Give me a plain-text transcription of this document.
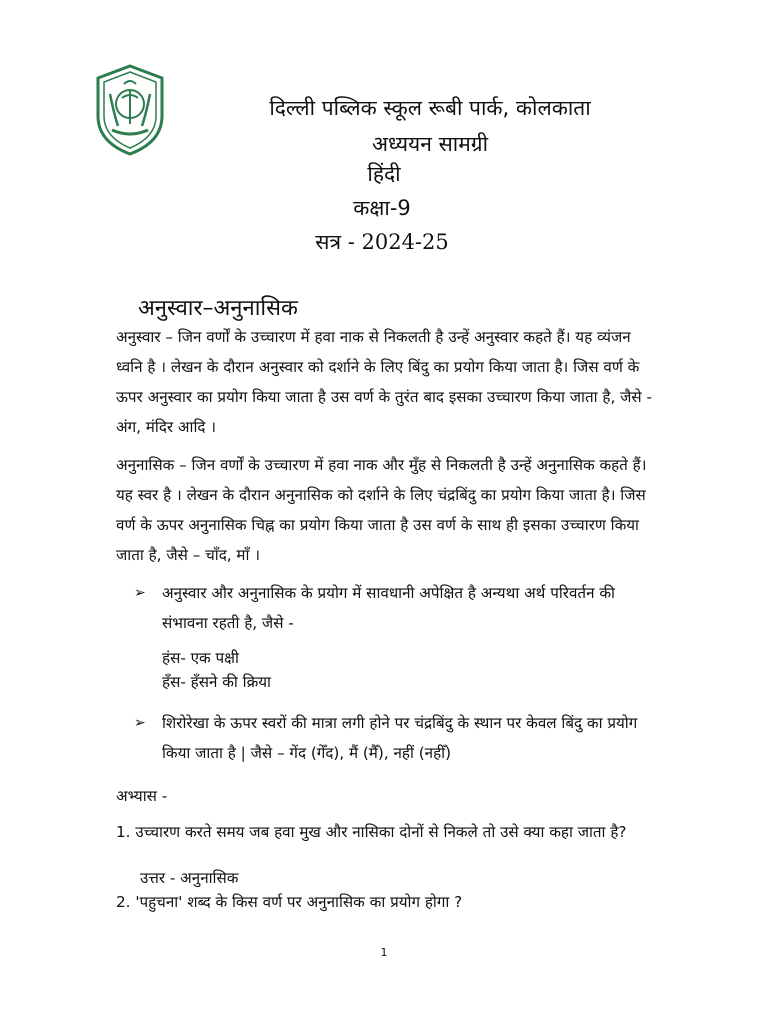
दिल्ली पब्लिक स्कूल रूबी पार्क, कोलकाता
अध्ययन सामग्री
हिंदी
कक्षा-9
सत्र - 2024-25
अनुस्वार–अनुनासिक
अनुस्वार – जिन वर्णों के उच्चारण में हवा नाक से निकलती है उन्हें अनुस्वार कहते हैं। यह व्यंजन ध्वनि है । लेखन के दौरान अनुस्वार को दर्शाने के लिए बिंदु का प्रयोग किया जाता है। जिस वर्ण के ऊपर अनुस्वार का प्रयोग किया जाता है उस वर्ण के तुरंत बाद इसका उच्चारण किया जाता है, जैसे - अंग, मंदिर आदि ।
अनुनासिक – जिन वर्णों के उच्चारण में हवा नाक और मुँह से निकलती है उन्हें अनुनासिक कहते हैं। यह स्वर है । लेखन के दौरान अनुनासिक को दर्शाने के लिए चंद्रबिंदु का प्रयोग किया जाता है। जिस वर्ण के ऊपर अनुनासिक चिह्न का प्रयोग किया जाता है उस वर्ण के साथ ही इसका उच्चारण किया जाता है, जैसे – चाँद, माँ ।
➢ अनुस्वार और अनुनासिक के प्रयोग में सावधानी अपेक्षित है अन्यथा अर्थ परिवर्तन की संभावना रहती है, जैसे -
हंस- एक पक्षी
हँस- हँसने की क्रिया
➢ शिरोरेखा के ऊपर स्वरों की मात्रा लगी होने पर चंद्रबिंदु के स्थान पर केवल बिंदु का प्रयोग किया जाता है | जैसे – गेंद (गेँद), मैं (मैँ), नहीं (नहीँ)
अभ्यास -
1. उच्चारण करते समय जब हवा मुख और नासिका दोनों से निकले तो उसे क्या कहा जाता है?
उत्तर - अनुनासिक
2. 'पहुचना' शब्द के किस वर्ण पर अनुनासिक का प्रयोग होगा ?
1
